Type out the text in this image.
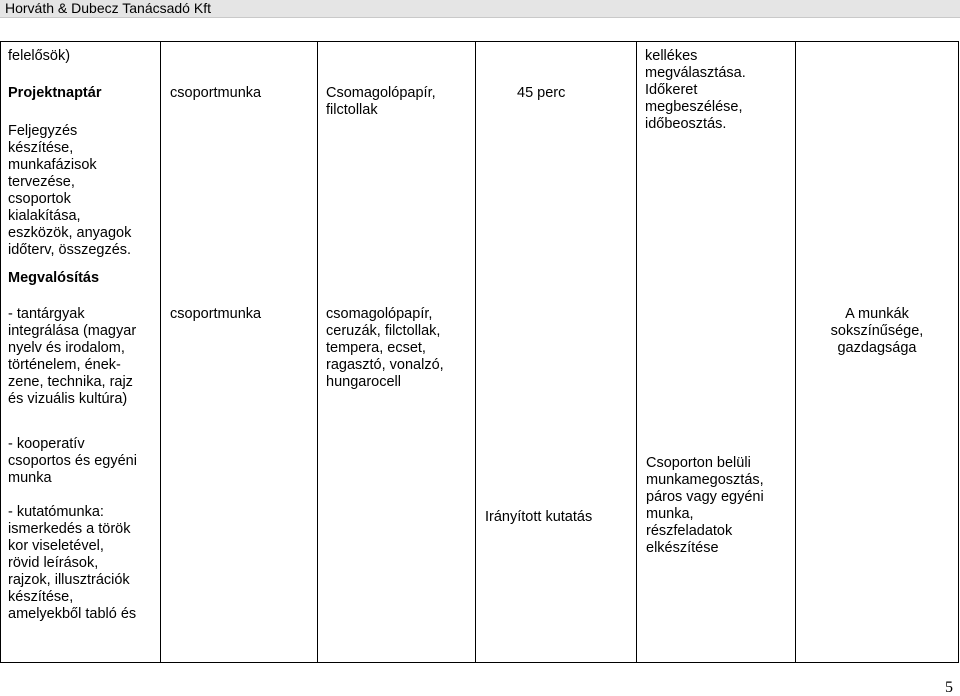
Horváth & Dubecz Tanácsadó Kft
felelősök)
Projektnaptár
Feljegyzés
készítése,
munkafázisok
tervezése,
csoportok
kialakítása,
eszközök, anyagok
időterv, összegzés.
csoportmunka	Csomagolópapír,
filctollak
45 perc
kellékes
megválasztása.
Időkeret
megbeszélése,
időbeosztás.
Megvalósítás
- tantárgyak
integrálása (magyar
nyelv és irodalom,
történelem, ének-
zene, technika, rajz
és vizuális kultúra)
csoportmunka	csomagolópapír,
ceruzák, filctollak,
tempera, ecset,
ragasztó, vonalzó,
hungarocell
A munkák
sokszínűsége,
gazdagsága
- kooperatív
csoportos és egyéni
munka

- kutatómunka:
ismerkedés a török
kor viseletével,
rövid leírások,
rajzok, illusztrációk
készítése,
amelyekből tabló és
Irányított kutatás
Csoporton belüli
munkamegosztás,
páros vagy egyéni
munka,
részfeladatok
elkészítése
5
